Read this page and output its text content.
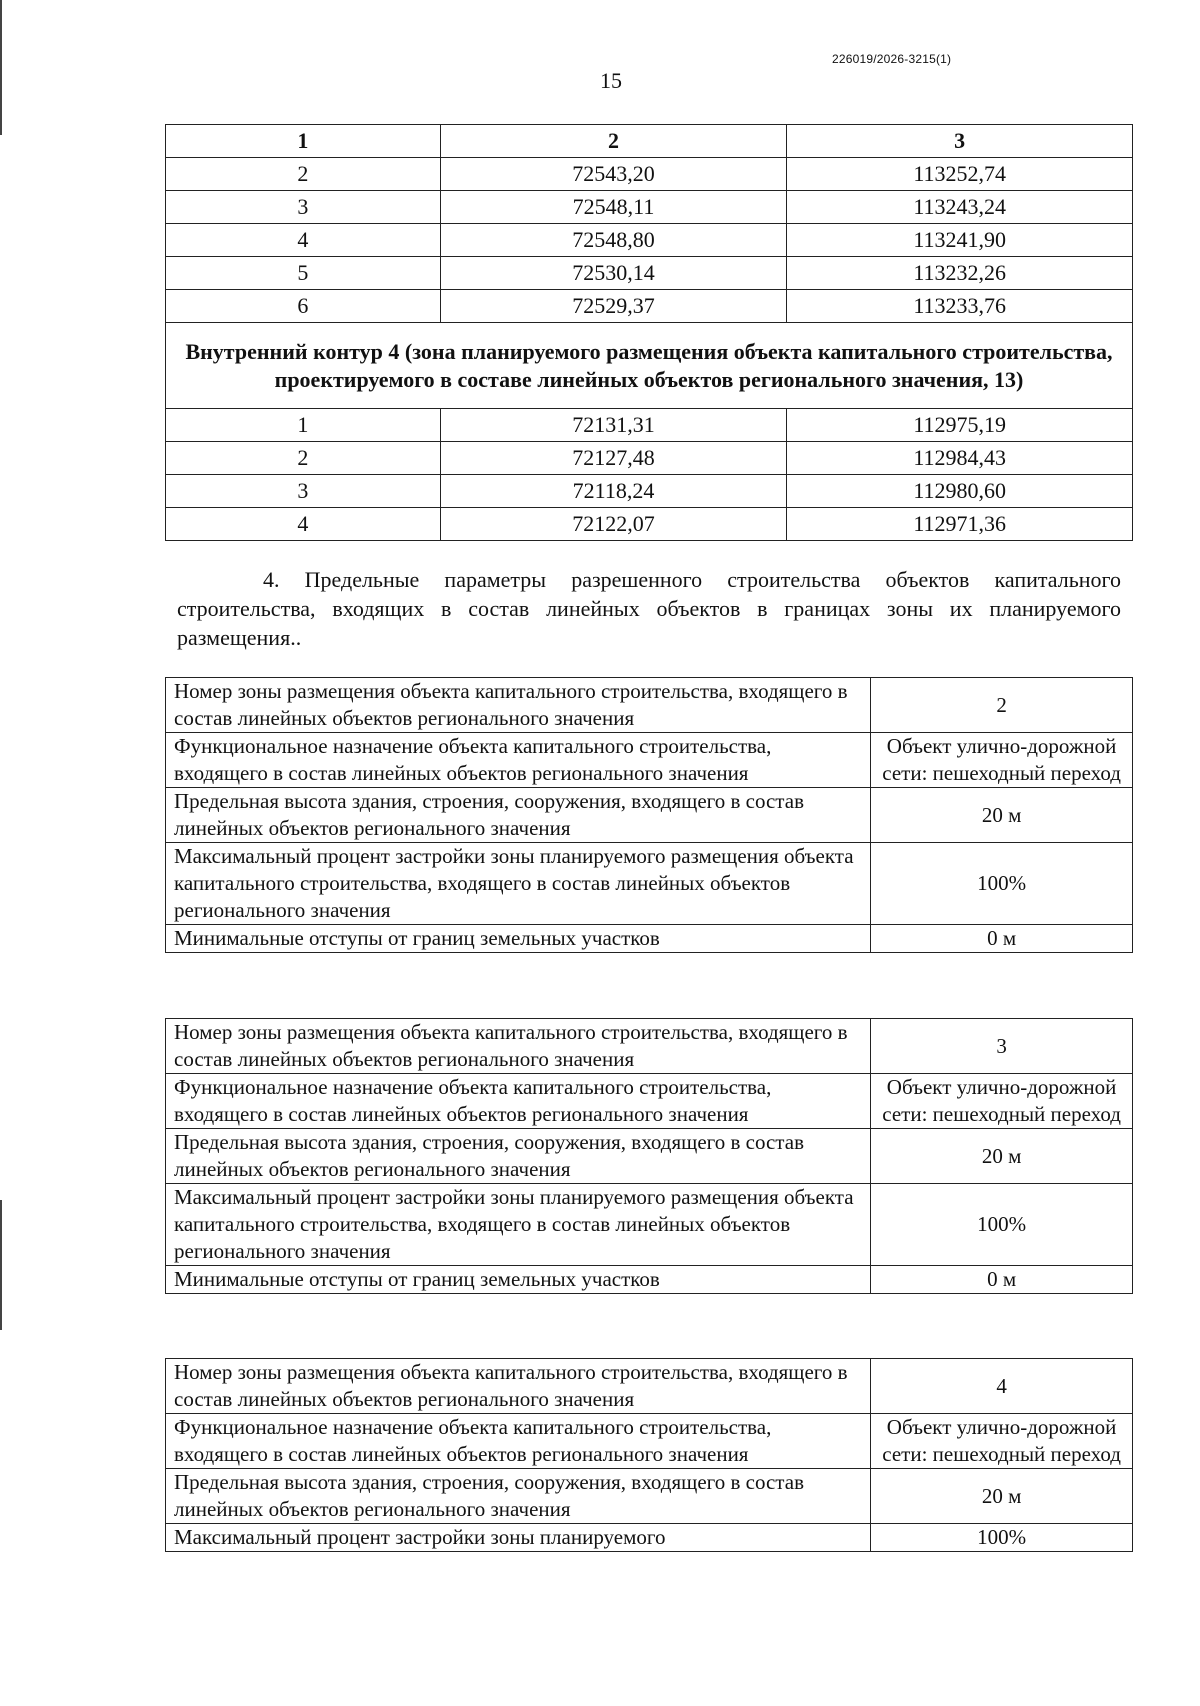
226019/2026-3215(1)
15
1	2	3
2	72543,20	113252,74
3	72548,11	113243,24
4	72548,80	113241,90
5	72530,14	113232,26
6	72529,37	113233,76
Внутренний контур 4 (зона планируемого размещения объекта капитального строительства, проектируемого в составе линейных объектов регионального значения, 13)		
1	72131,31	112975,19
2	72127,48	112984,43
3	72118,24	112980,60
4	72122,07	112971,36
4. Предельные параметры разрешенного строительства объектов капитального строительства, входящих в состав линейных объектов в границах зоны их планируемого размещения..
Номер зоны размещения объекта капитального строительства, входящего в состав линейных объектов регионального значения	2
Функциональное назначение объекта капитального строительства, входящего в состав линейных объектов регионального значения	Объект улично-дорожной сети: пешеходный переход
Предельная высота здания, строения, сооружения, входящего в состав линейных объектов регионального значения	20 м
Максимальный процент застройки зоны планируемого размещения объекта капитального строительства, входящего в состав линейных объектов регионального значения	100%
Минимальные отступы от границ земельных участков	0 м
Номер зоны размещения объекта капитального строительства, входящего в состав линейных объектов регионального значения	3
Функциональное назначение объекта капитального строительства, входящего в состав линейных объектов регионального значения	Объект улично-дорожной сети: пешеходный переход
Предельная высота здания, строения, сооружения, входящего в состав линейных объектов регионального значения	20 м
Максимальный процент застройки зоны планируемого размещения объекта капитального строительства, входящего в состав линейных объектов регионального значения	100%
Минимальные отступы от границ земельных участков	0 м
Номер зоны размещения объекта капитального строительства, входящего в состав линейных объектов регионального значения	4
Функциональное назначение объекта капитального строительства, входящего в состав линейных объектов регионального значения	Объект улично-дорожной сети: пешеходный переход
Предельная высота здания, строения, сооружения, входящего в состав линейных объектов регионального значения	20 м
Максимальный процент застройки зоны планируемого	100%
